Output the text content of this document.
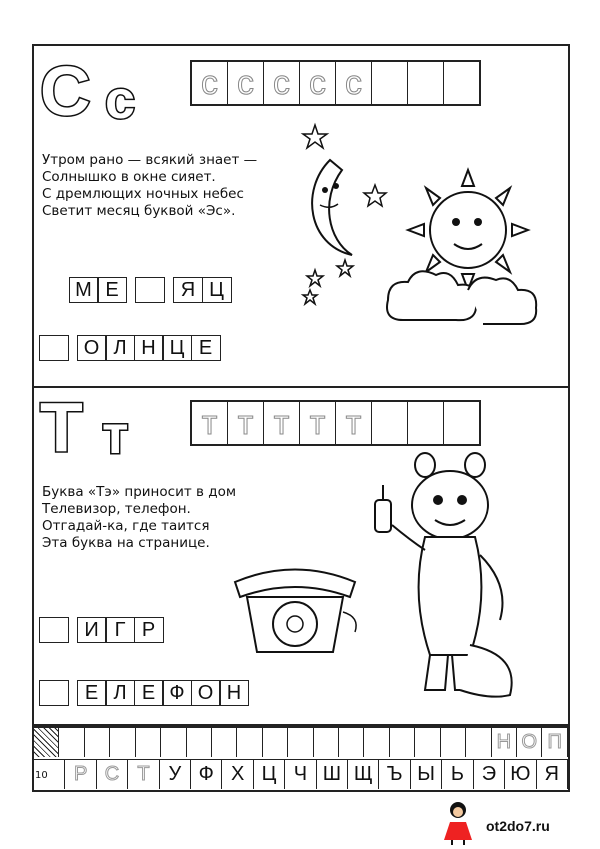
С с с с с с с
Утром рано — всякий знает —
Солнышко в окне сияет.
С дремлющих ночных небес
Светит месяц буквой «Эс».
М Е	Я Ц
О Л Н Ц Е
Т т т т т т т
Буква «Тэ» приносит в дом
Телевизор, телефон.
Отгадай-ка, где таится
Эта буква на странице.
И Г Р
Е Л Е Ф О Н
Н О П
Р С Т У Ф Х Ц Ч Ш Щ Ъ Ы Ь Э Ю Я
10
ot2do7.ru
